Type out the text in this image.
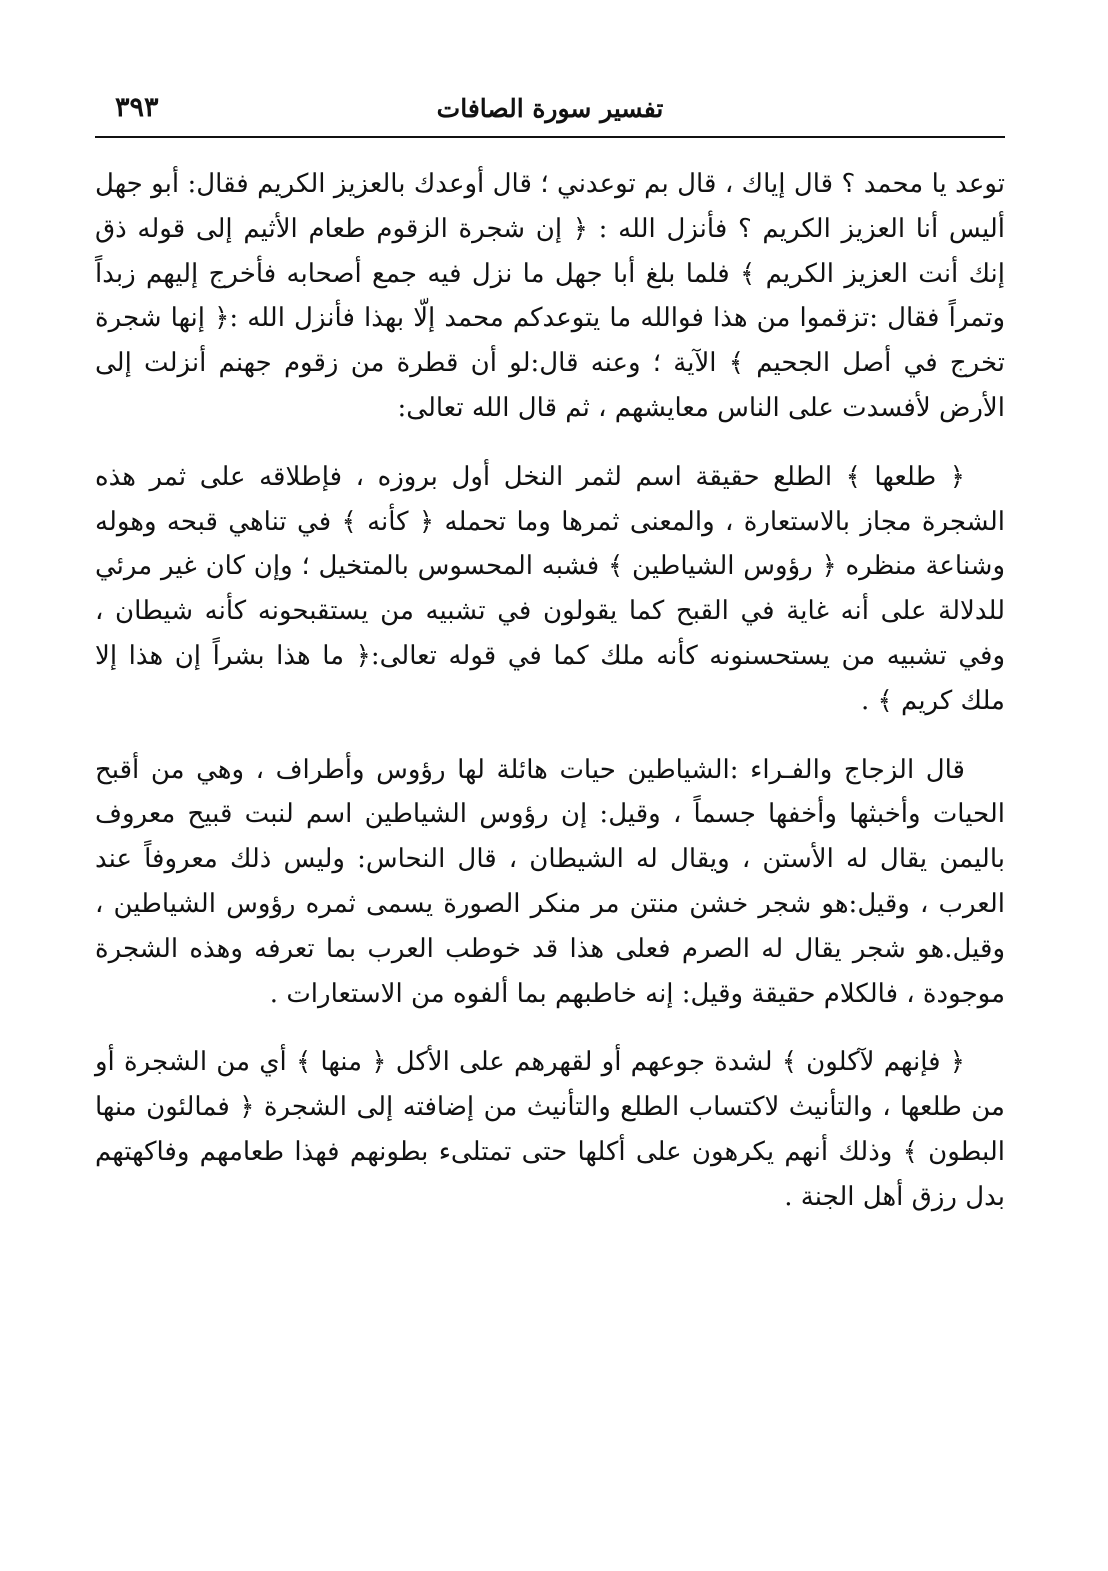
تفسير سورة الصافات
٣٩٣

توعد يا محمد ؟ قال إياك ، قال بم توعدني ؛ قال أوعدك بالعزيز الكريم فقال: أبو جهل أليس أنا العزيز الكريم ؟ فأنزل الله : ﴿ إن شجرة الزقوم طعام الأثيم إلى قوله ذق إنك أنت العزيز الكريم ﴾ فلما بلغ أبا جهل ما نزل فيه جمع أصحابه فأخرج إليهم زبداً وتمراً فقال :تزقموا من هذا فوالله ما يتوعدكم محمد إلّا بهذا فأنزل الله :﴿ إنها شجرة تخرج في أصل الجحيم ﴾ الآية ؛ وعنه قال:لو أن قطرة من زقوم جهنم أنزلت إلى الأرض لأفسدت على الناس معايشهم ، ثم قال الله تعالى:

﴿ طلعها ﴾ الطلع حقيقة اسم لثمر النخل أول بروزه ، فإطلاقه على ثمر هذه الشجرة مجاز بالاستعارة ، والمعنى ثمرها وما تحمله ﴿ كأنه ﴾ في تناهي قبحه وهوله وشناعة منظره ﴿ رؤوس الشياطين ﴾ فشبه المحسوس بالمتخيل ؛ وإن كان غير مرئي للدلالة على أنه غاية في القبح كما يقولون في تشبيه من يستقبحونه كأنه شيطان ، وفي تشبيه من يستحسنونه كأنه ملك كما في قوله تعالى:﴿ ما هذا بشراً إن هذا إلا ملك كريم ﴾ .

قال الزجاج والفـراء :الشياطين حيات هائلة لها رؤوس وأطراف ، وهي من أقبح الحيات وأخبثها وأخفها جسماً ، وقيل: إن رؤوس الشياطين اسم لنبت قبيح معروف باليمن يقال له الأستن ، ويقال له الشيطان ، قال النحاس: وليس ذلك معروفاً عند العرب ، وقيل:هو شجر خشن منتن مر منكر الصورة يسمى ثمره رؤوس الشياطين ، وقيل.هو شجر يقال له الصرم فعلى هذا قد خوطب العرب بما تعرفه وهذه الشجرة موجودة ، فالكلام حقيقة وقيل: إنه خاطبهم بما ألفوه من الاستعارات .

﴿ فإنهم لآكلون ﴾ لشدة جوعهم أو لقهرهم على الأكل ﴿ منها ﴾ أي من الشجرة أو من طلعها ، والتأنيث لاكتساب الطلع والتأنيث من إضافته إلى الشجرة ﴿ فمالئون منها البطون ﴾ وذلك أنهم يكرهون على أكلها حتى تمتلىء بطونهم فهذا طعامهم وفاكهتهم بدل رزق أهل الجنة .
